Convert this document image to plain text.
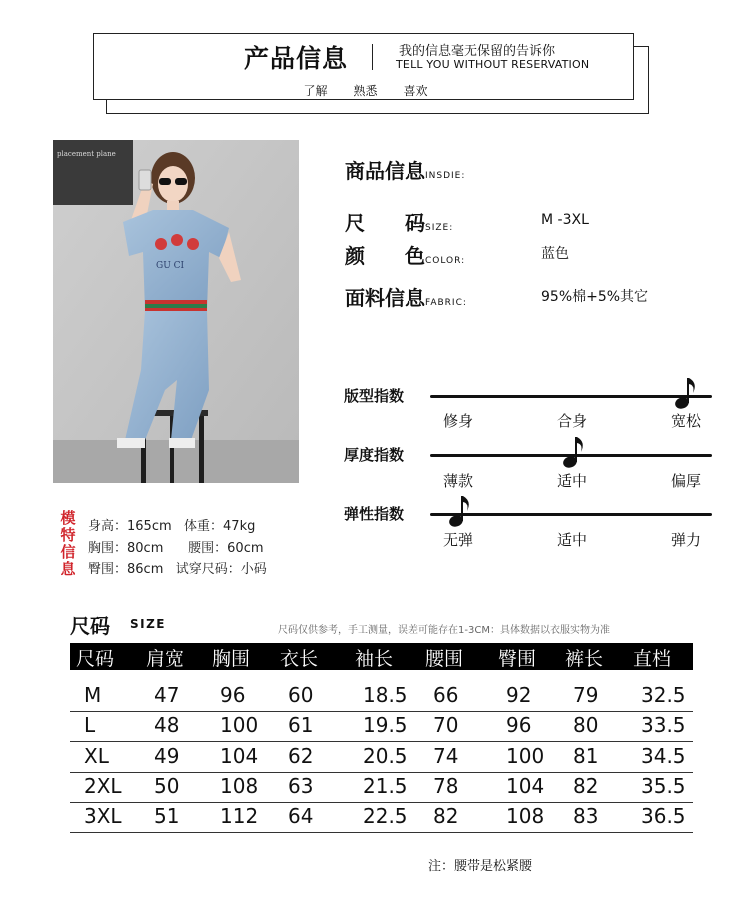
产品信息	我的信息毫无保留的告诉你
TELL YOU WITHOUT RESERVATION
了解 熟悉 喜欢
placement plane
GU CI
商品信息INSDIE:
尺　　码SIZE:	M -3XL
颜　　色COLOR:	蓝色
面料信息FABRIC:	95%棉+5%其它
版型指数
修身	合身	宽松
厚度指数
薄款	适中	偏厚
弹性指数
无弹	适中	弹力
模特信息
身高：165cm 体重：47kg
胸围：80cm 腰围：60cm
臀围：86cm 试穿尺码：小码
尺码 SIZE	尺码仅供参考，手工测量，误差可能存在1-3CM：具体数据以衣服实物为准
尺码 肩宽 胸围 衣长 袖长 腰围 臀围 裤长 直档
M	47	96	60	18.5	66	92	79	32.5
L	48	100	61	19.5	70	96	80	33.5
XL	49	104	62	20.5	74	100	81	34.5
2XL	50	108	63	21.5	78	104	82	35.5
3XL	51	112	64	22.5	82	108	83	36.5
注：腰带是松紧腰
